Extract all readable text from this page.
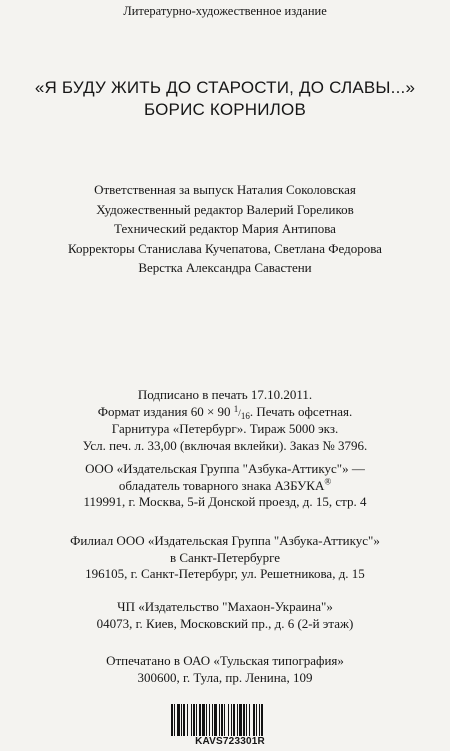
Литературно-художественное издание
«Я БУДУ ЖИТЬ ДО СТАРОСТИ, ДО СЛАВЫ...»
БОРИС КОРНИЛОВ
Ответственная за выпуск Наталия Соколовская
Художественный редактор Валерий Гореликов
Технический редактор Мария Антипова
Корректоры Станислава Кучепатова, Светлана Федорова
Верстка Александра Савастени
Подписано в печать 17.10.2011.
Формат издания 60 × 90 $^1/_{16}$. Печать офсетная.
Гарнитура «Петербург». Тираж 5000 экз.
Усл. печ. л. 33,00 (включая вклейки). Заказ № 3796.
ООО «Издательская Группа "Азбука-Аттикус"» —
обладатель товарного знака АЗБУКА®
119991, г. Москва, 5-й Донской проезд, д. 15, стр. 4
Филиал ООО «Издательская Группа "Азбука-Аттикус"»
в Санкт-Петербурге
196105, г. Санкт-Петербург, ул. Решетникова, д. 15
ЧП «Издательство "Махаон-Украина"»
04073, г. Киев, Московский пр., д. 6 (2-й этаж)
Отпечатано в ОАО «Тульская типография»
300600, г. Тула, пр. Ленина, 109
KAVS723301R
